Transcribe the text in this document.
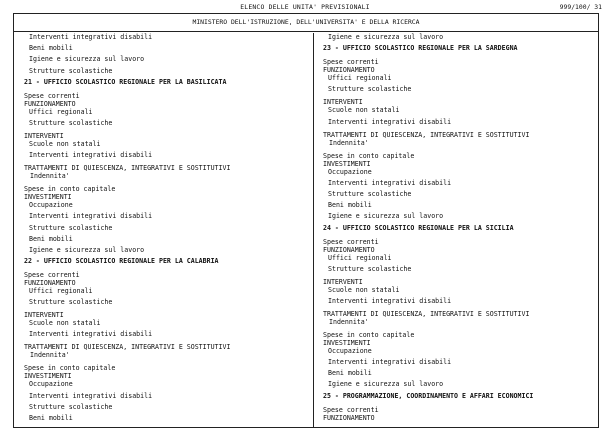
ELENCO DELLE UNITA' PREVISIONALI	999/100/ 31
MINISTERO DELL'ISTRUZIONE, DELL'UNIVERSITA' E DELLA RICERCA
Interventi integrativi disabili
Beni mobili
Igiene e sicurezza sul lavoro
Strutture scolastiche
21 - UFFICIO SCOLASTICO REGIONALE PER LA BASILICATA
Spese correnti
FUNZIONAMENTO
Uffici regionali
Strutture scolastiche
INTERVENTI
Scuole non statali
Interventi integrativi disabili
TRATTAMENTI DI QUIESCENZA, INTEGRATIVI E SOSTITUTIVI
Indennita'
Spese in conto capitale
INVESTIMENTI
Occupazione
Interventi integrativi disabili
Strutture scolastiche
Beni mobili
Igiene e sicurezza sul lavoro
22 - UFFICIO SCOLASTICO REGIONALE PER LA CALABRIA
Spese correnti
FUNZIONAMENTO
Uffici regionali
Strutture scolastiche
INTERVENTI
Scuole non statali
Interventi integrativi disabili
TRATTAMENTI DI QUIESCENZA, INTEGRATIVI E SOSTITUTIVI
Indennita'
Spese in conto capitale
INVESTIMENTI
Occupazione
Interventi integrativi disabili
Strutture scolastiche
Beni mobili
Igiene e sicurezza sul lavoro
23 - UFFICIO SCOLASTICO REGIONALE PER LA SARDEGNA
Spese correnti
FUNZIONAMENTO
Uffici regionali
Strutture scolastiche
INTERVENTI
Scuole non statali
Interventi integrativi disabili
TRATTAMENTI DI QUIESCENZA, INTEGRATIVI E SOSTITUTIVI
Indennita'
Spese in conto capitale
INVESTIMENTI
Occupazione
Interventi integrativi disabili
Strutture scolastiche
Beni mobili
Igiene e sicurezza sul lavoro
24 - UFFICIO SCOLASTICO REGIONALE PER LA SICILIA
Spese correnti
FUNZIONAMENTO
Uffici regionali
Strutture scolastiche
INTERVENTI
Scuole non statali
Interventi integrativi disabili
TRATTAMENTI DI QUIESCENZA, INTEGRATIVI E SOSTITUTIVI
Indennita'
Spese in conto capitale
INVESTIMENTI
Occupazione
Interventi integrativi disabili
Beni mobili
Igiene e sicurezza sul lavoro
25 - PROGRAMMAZIONE, COORDINAMENTO E AFFARI ECONOMICI
Spese correnti
FUNZIONAMENTO
